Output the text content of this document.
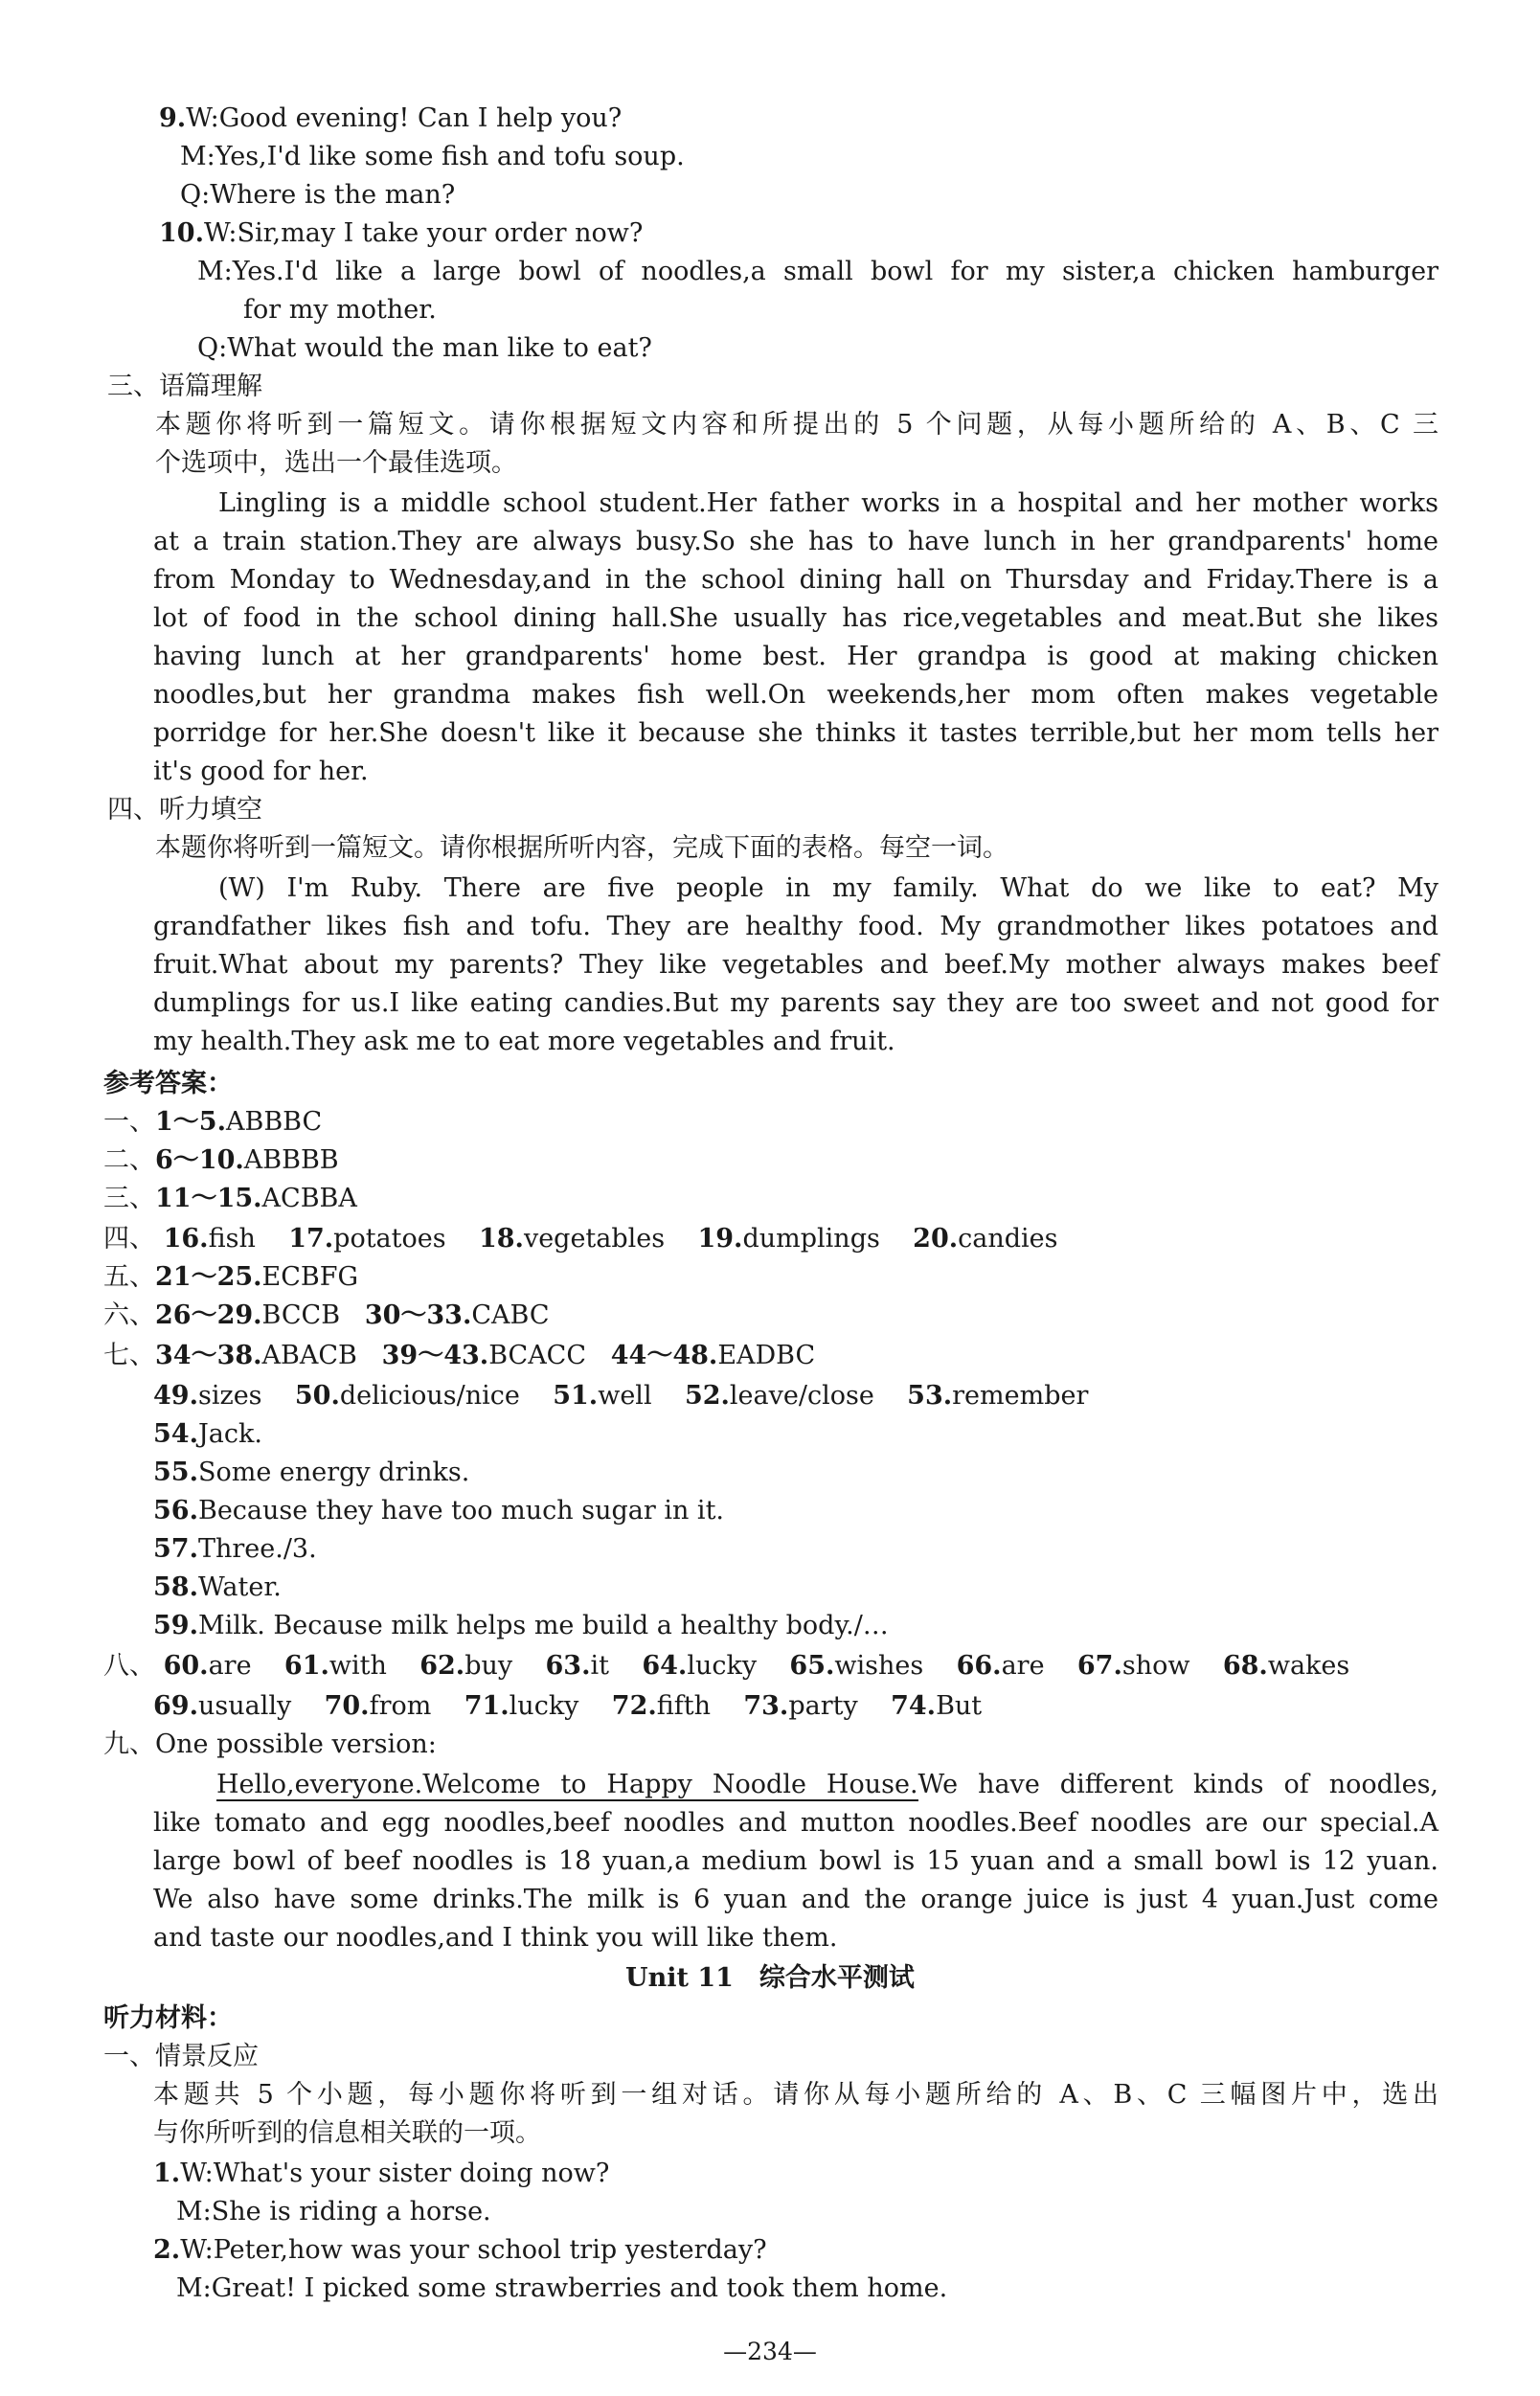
9.W:Good evening! Can I help you?
M:Yes,I'd like some fish and tofu soup.
Q:Where is the man?
10.W:Sir,may I take your order now?
M:Yes.I'd like a large bowl of noodles,a small bowl for my sister,a chicken hamburger
for my mother.
Q:What would the man like to eat?
三、语篇理解
本题你将听到一篇短文。请你根据短文内容和所提出的 5 个问题，从每小题所给的 A、B、C 三
个选项中，选出一个最佳选项。
Lingling is a middle school student.Her father works in a hospital and her mother works
at a train station.They are always busy.So she has to have lunch in her grandparents' home
from Monday to Wednesday,and in the school dining hall on Thursday and Friday.There is a
lot of food in the school dining hall.She usually has rice,vegetables and meat.But she likes
having lunch at her grandparents' home best. Her grandpa is good at making chicken
noodles,but her grandma makes fish well.On weekends,her mom often makes vegetable
porridge for her.She doesn't like it because she thinks it tastes terrible,but her mom tells her
it's good for her.
四、听力填空
本题你将听到一篇短文。请你根据所听内容，完成下面的表格。每空一词。
(W) I'm Ruby. There are five people in my family. What do we like to eat? My
grandfather likes fish and tofu. They are healthy food. My grandmother likes potatoes and
fruit.What about my parents? They like vegetables and beef.My mother always makes beef
dumplings for us.I like eating candies.But my parents say they are too sweet and not good for
my health.They ask me to eat more vegetables and fruit.
参考答案：
一、1～5.ABBBC
二、6～10.ABBBB
三、11～15.ACBBA
四、 16.fish 17.potatoes 18.vegetables 19.dumplings 20.candies
五、21～25.ECBFG
六、26～29.BCCB 30～33.CABC
七、34～38.ABACB 39～43.BCACC 44～48.EADBC
49.sizes 50.delicious/nice 51.well 52.leave/close 53.remember
54.Jack.
55.Some energy drinks.
56.Because they have too much sugar in it.
57.Three./3.
58.Water.
59.Milk. Because milk helps me build a healthy body./…
八、 60.are 61.with 62.buy 63.it 64.lucky 65.wishes 66.are 67.show 68.wakes
69.usually 70.from 71.lucky 72.fifth 73.party 74.But
九、One possible version:
Hello,everyone.Welcome to Happy Noodle House.We have different kinds of noodles,
like tomato and egg noodles,beef noodles and mutton noodles.Beef noodles are our special.A
large bowl of beef noodles is 18 yuan,a medium bowl is 15 yuan and a small bowl is 12 yuan.
We also have some drinks.The milk is 6 yuan and the orange juice is just 4 yuan.Just come
and taste our noodles,and I think you will like them.
Unit 11　综合水平测试
听力材料：
一、情景反应
本题共 5 个小题，每小题你将听到一组对话。请你从每小题所给的 A、B、C 三幅图片中，选出
与你所听到的信息相关联的一项。
1.W:What's your sister doing now?
M:She is riding a horse.
2.W:Peter,how was your school trip yesterday?
M:Great! I picked some strawberries and took them home.
—234—
